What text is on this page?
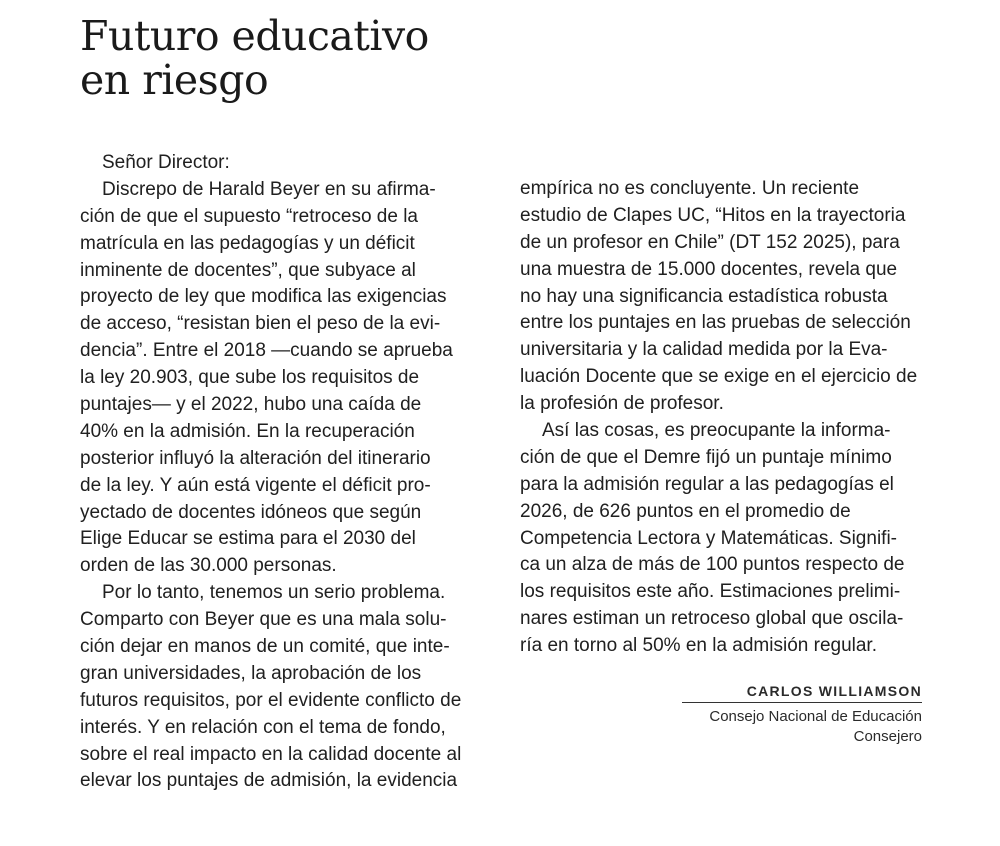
Futuro educativo
en riesgo
Señor Director:
Discrepo de Harald Beyer en su afirma-
ción de que el supuesto “retroceso de la
matrícula en las pedagogías y un déficit
inminente de docentes”, que subyace al
proyecto de ley que modifica las exigencias
de acceso, “resistan bien el peso de la evi-
dencia”. Entre el 2018 —cuando se aprueba
la ley 20.903, que sube los requisitos de
puntajes— y el 2022, hubo una caída de
40% en la admisión. En la recuperación
posterior influyó la alteración del itinerario
de la ley. Y aún está vigente el déficit pro-
yectado de docentes idóneos que según
Elige Educar se estima para el 2030 del
orden de las 30.000 personas.
Por lo tanto, tenemos un serio problema.
Comparto con Beyer que es una mala solu-
ción dejar en manos de un comité, que inte-
gran universidades, la aprobación de los
futuros requisitos, por el evidente conflicto de
interés. Y en relación con el tema de fondo,
sobre el real impacto en la calidad docente al
elevar los puntajes de admisión, la evidencia
empírica no es concluyente. Un reciente
estudio de Clapes UC, “Hitos en la trayectoria
de un profesor en Chile” (DT 152 2025), para
una muestra de 15.000 docentes, revela que
no hay una significancia estadística robusta
entre los puntajes en las pruebas de selección
universitaria y la calidad medida por la Eva-
luación Docente que se exige en el ejercicio de
la profesión de profesor.
Así las cosas, es preocupante la informa-
ción de que el Demre fijó un puntaje mínimo
para la admisión regular a las pedagogías el
2026, de 626 puntos en el promedio de
Competencia Lectora y Matemáticas. Signifi-
ca un alza de más de 100 puntos respecto de
los requisitos este año. Estimaciones prelimi-
nares estiman un retroceso global que oscila-
ría en torno al 50% en la admisión regular.
CARLOS WILLIAMSON
Consejo Nacional de Educación
Consejero
